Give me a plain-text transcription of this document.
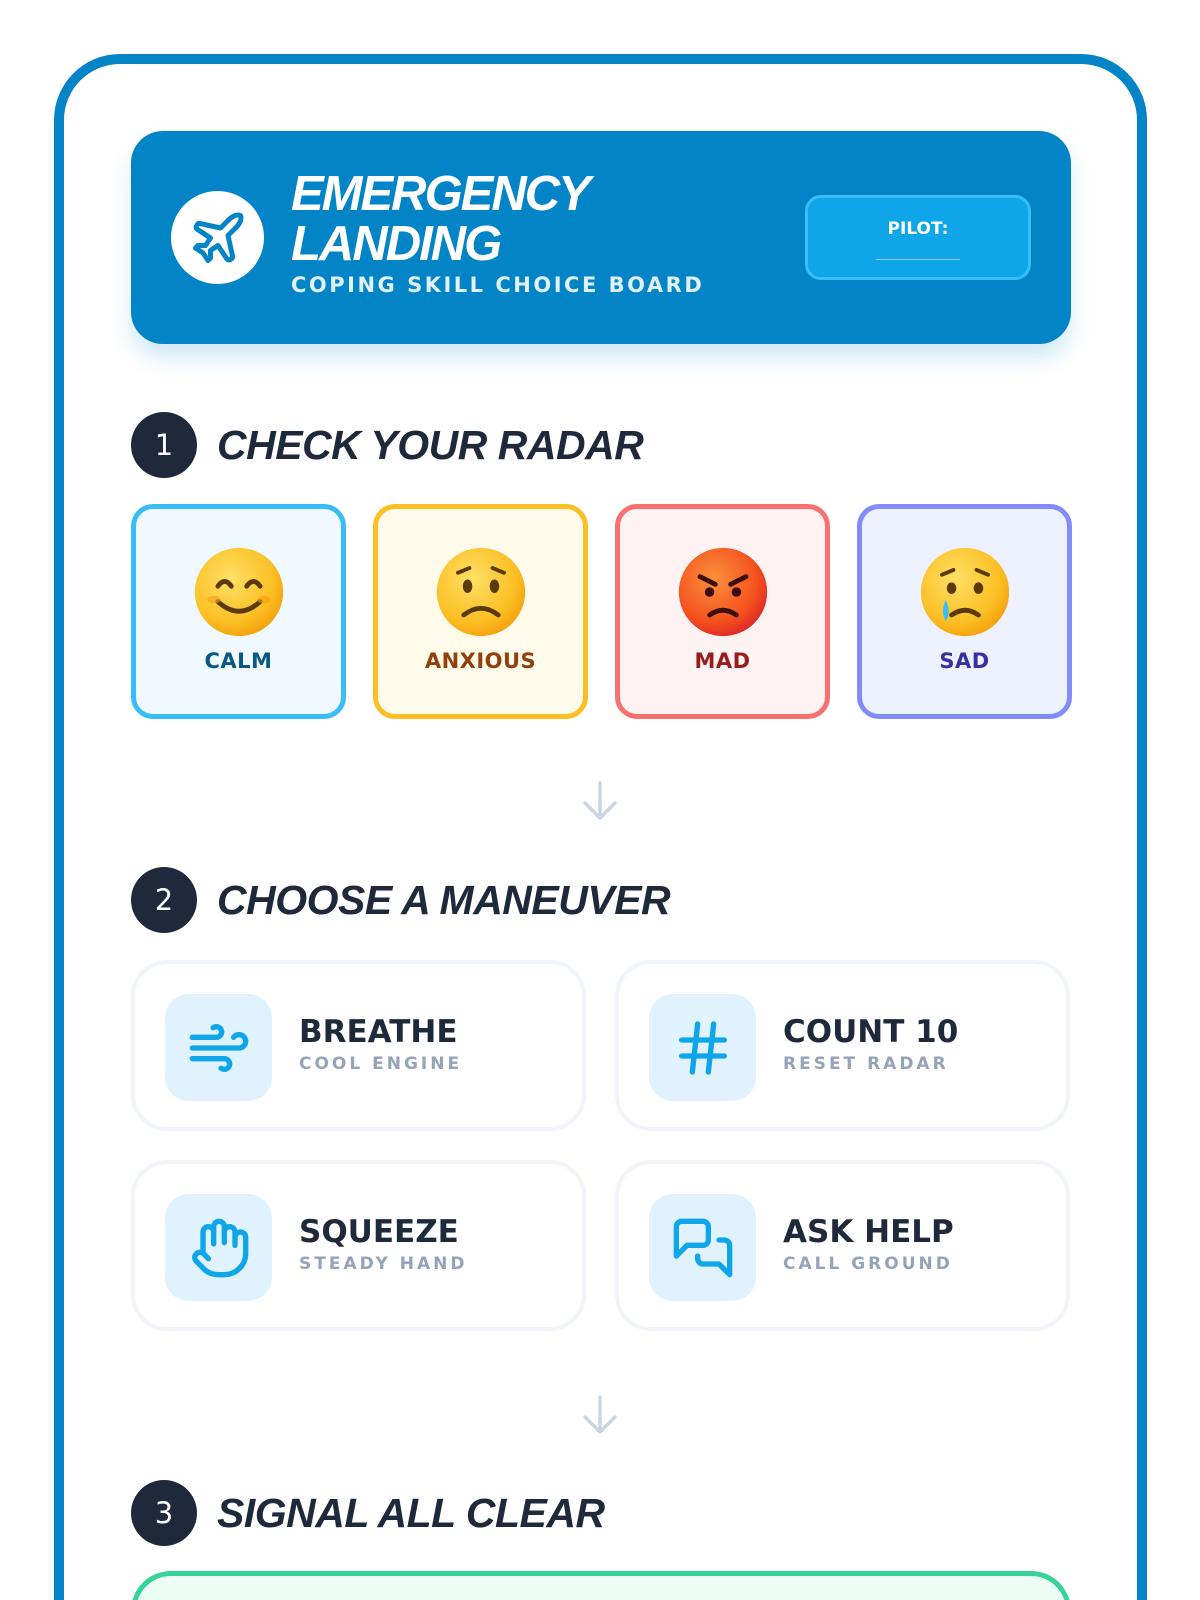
EMERGENCY LANDING
COPING SKILL CHOICE BOARD
PILOT:
__________
1	CHECK YOUR RADAR
CALM	ANXIOUS	MAD	SAD
2	CHOOSE A MANEUVER
BREATHE
COOL ENGINE
COUNT 10
RESET RADAR
SQUEEZE
STEADY HAND
ASK HELP
CALL GROUND
3	SIGNAL ALL CLEAR
